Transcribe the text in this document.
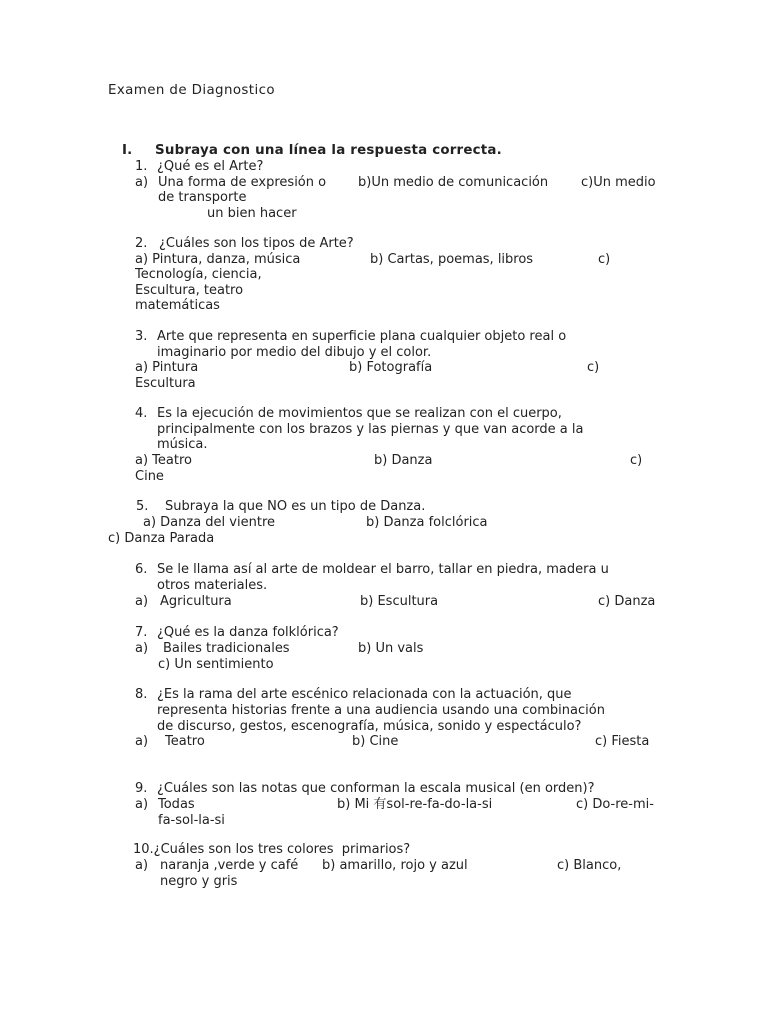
Examen de Diagnostico
I. Subraya con una línea la respuesta correcta.
1. ¿Qué es el Arte?
a) Una forma de expresión o b)Un medio de comunicación	c)Un medio
de transporte
un bien hacer
2. ¿Cuáles son los tipos de Arte?
a) Pintura, danza, música	b) Cartas, poemas, libros	c)
Tecnología, ciencia,
Escultura, teatro
matemáticas
3. Arte que representa en superficie plana cualquier objeto real o
imaginario por medio del dibujo y el color.
a) Pintura	b) Fotografía	c)
Escultura
4. Es la ejecución de movimientos que se realizan con el cuerpo,
principalmente con los brazos y las piernas y que van acorde a la
música.
a) Teatro	b) Danza	c)
Cine
5. Subraya la que NO es un tipo de Danza.
a) Danza del vientre	b) Danza folclórica
c) Danza Parada
6. Se le llama así al arte de moldear el barro, tallar en piedra, madera u
otros materiales.
a) Agricultura	b) Escultura	c) Danza
7. ¿Qué es la danza folklórica?
a) Bailes tradicionales	b) Un vals
c) Un sentimiento
8. ¿Es la rama del arte escénico relacionada con la actuación, que
representa historias frente a una audiencia usando una combinación
de discurso, gestos, escenografía, música, sonido y espectáculo?
a) Teatro	b) Cine	c) Fiesta
9. ¿Cuáles son las notas que conforman la escala musical (en orden)?
a) Todas	b) Mi 有sol-re-fa-do-la-si	c) Do-re-mi-
fa-sol-la-si
10.¿Cuáles son los tres colores  primarios?
a) naranja ,verde y café b) amarillo, rojo y azul	c) Blanco,
negro y gris
